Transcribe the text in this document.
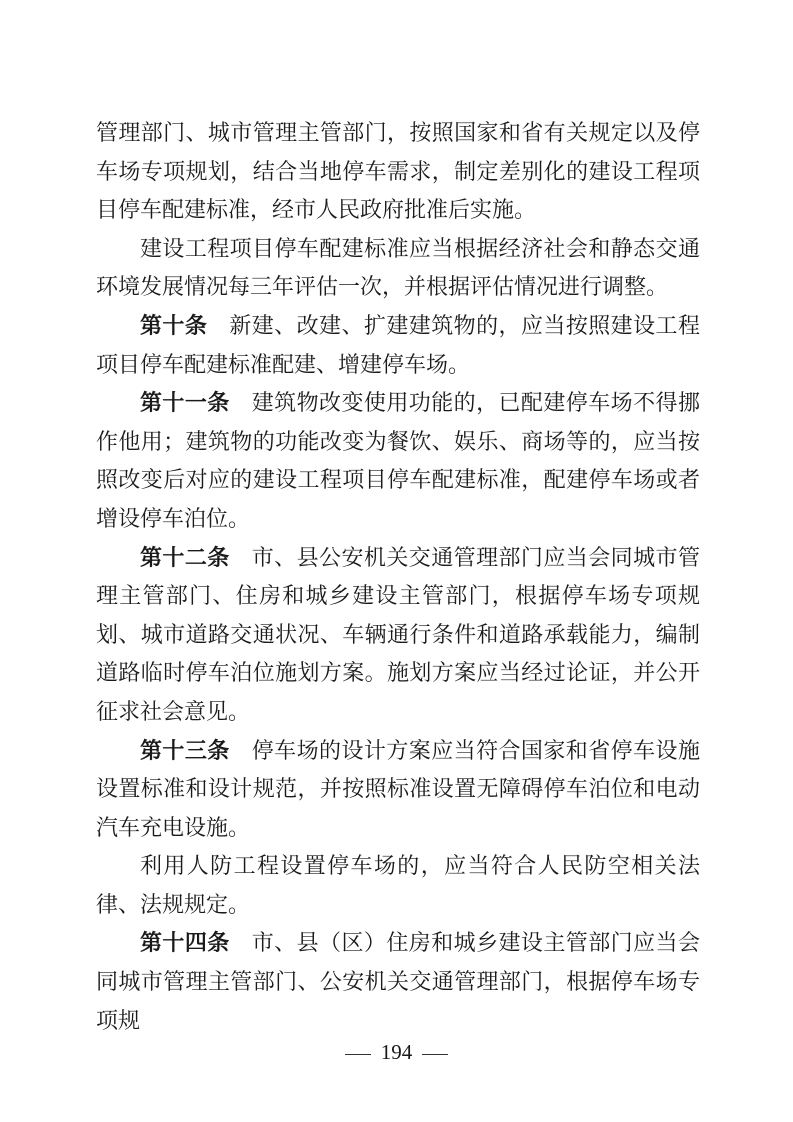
管理部门、城市管理主管部门，按照国家和省有关规定以及停车场专项规划，结合当地停车需求，制定差别化的建设工程项目停车配建标准，经市人民政府批准后实施。

建设工程项目停车配建标准应当根据经济社会和静态交通环境发展情况每三年评估一次，并根据评估情况进行调整。

第十条 新建、改建、扩建建筑物的，应当按照建设工程项目停车配建标准配建、增建停车场。

第十一条 建筑物改变使用功能的，已配建停车场不得挪作他用；建筑物的功能改变为餐饮、娱乐、商场等的，应当按照改变后对应的建设工程项目停车配建标准，配建停车场或者增设停车泊位。

第十二条 市、县公安机关交通管理部门应当会同城市管理主管部门、住房和城乡建设主管部门，根据停车场专项规划、城市道路交通状况、车辆通行条件和道路承载能力，编制道路临时停车泊位施划方案。施划方案应当经过论证，并公开征求社会意见。

第十三条 停车场的设计方案应当符合国家和省停车设施设置标准和设计规范，并按照标准设置无障碍停车泊位和电动汽车充电设施。

利用人防工程设置停车场的，应当符合人民防空相关法律、法规规定。

第十四条 市、县（区）住房和城乡建设主管部门应当会同城市管理主管部门、公安机关交通管理部门，根据停车场专项规

194
